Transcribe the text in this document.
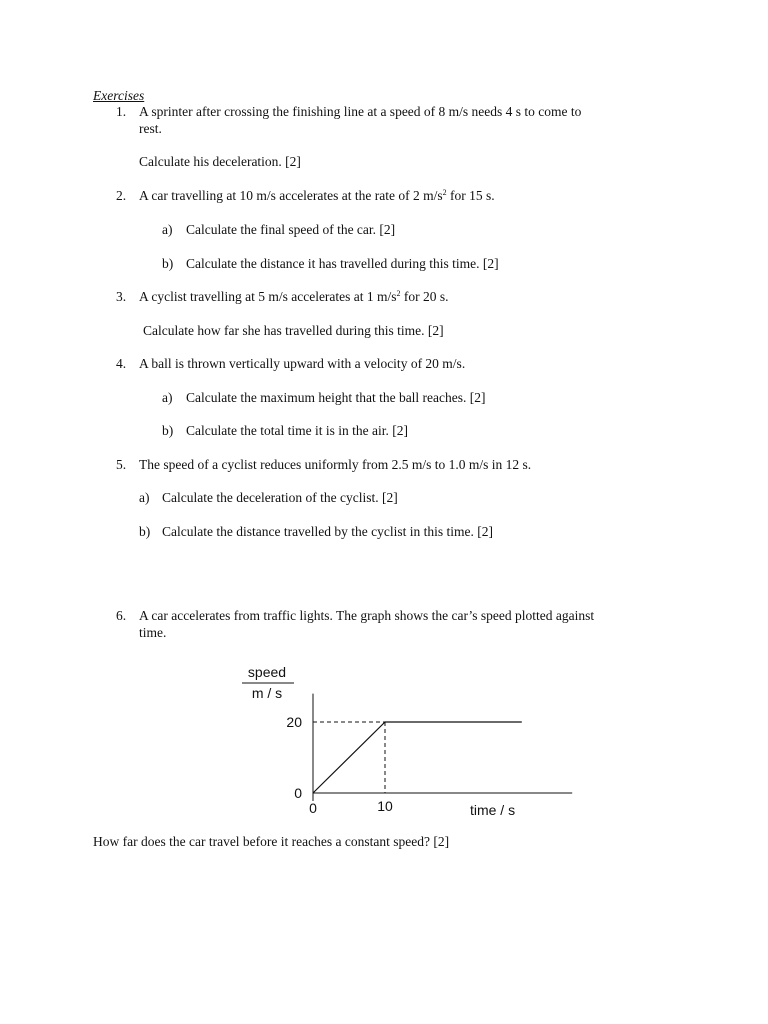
Exercises
1. A sprinter after crossing the finishing line at a speed of 8 m/s needs 4 s to come to
rest.
Calculate his deceleration. [2]
2. A car travelling at 10 m/s accelerates at the rate of 2 $m/s^2$ for 15 s.
a) Calculate the final speed of the car. [2]
b) Calculate the distance it has travelled during this time. [2]
3. A cyclist travelling at 5 m/s accelerates at 1 $m/s^2$ for 20 s.
Calculate how far she has travelled during this time. [2]
4. A ball is thrown vertically upward with a velocity of 20 m/s.
a) Calculate the maximum height that the ball reaches. [2]
b) Calculate the total time it is in the air. [2]
5. The speed of a cyclist reduces uniformly from 2.5 m/s to 1.0 m/s in 12 s.
a) Calculate the deceleration of the cyclist. [2]
b) Calculate the distance travelled by the cyclist in this time. [2]
6. A car accelerates from traffic lights. The graph shows the car’s speed plotted against
time.
speed
m / s
0
20
0	10	time / s
How far does the car travel before it reaches a constant speed? [2]
